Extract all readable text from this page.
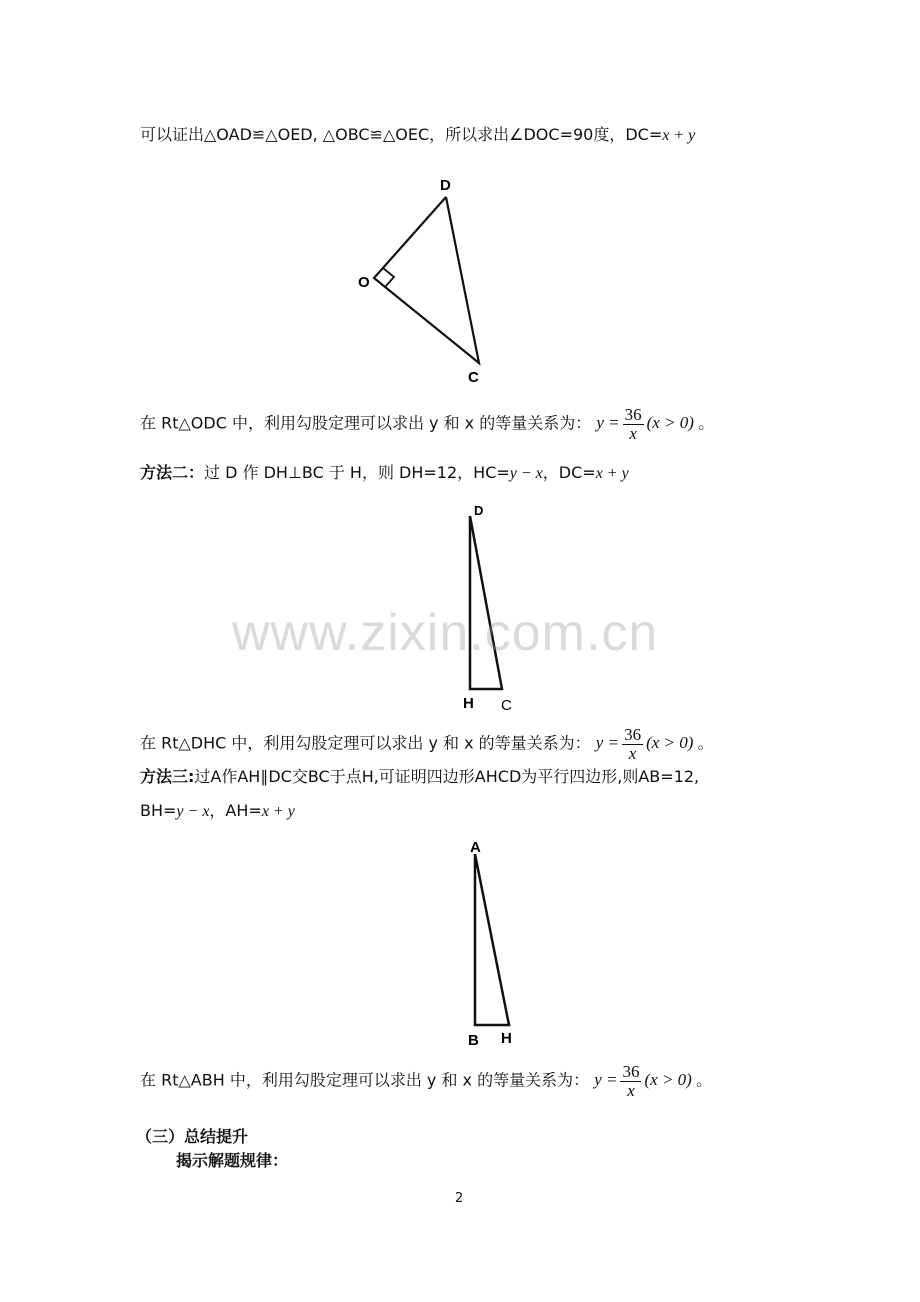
可以证出△OAD≌△OED, △OBC≌△OEC，所以求出∠DOC=90度，DC=x + y
D
O
C
在 Rt△ODC 中，利用勾股定理可以求出 y 和 x 的等量关系为： $y = \frac{36}{x} (x > 0)$ 。
方法二：过 D 作 DH⊥BC 于 H，则 DH=12，HC=y − x，DC=x + y
D
H C
www.zixin.com.cn
在 Rt△DHC 中，利用勾股定理可以求出 y 和 x 的等量关系为： $y = \frac{36}{x} (x > 0)$ 。
方法三:过A作AH∥DC交BC于点H,可证明四边形AHCD为平行四边形,则AB=12,
BH=y − x，AH=x + y
A
B H
在 Rt△ABH 中，利用勾股定理可以求出 y 和 x 的等量关系为： $y = \frac{36}{x} (x > 0)$ 。
（三）总结提升
揭示解题规律：
2
